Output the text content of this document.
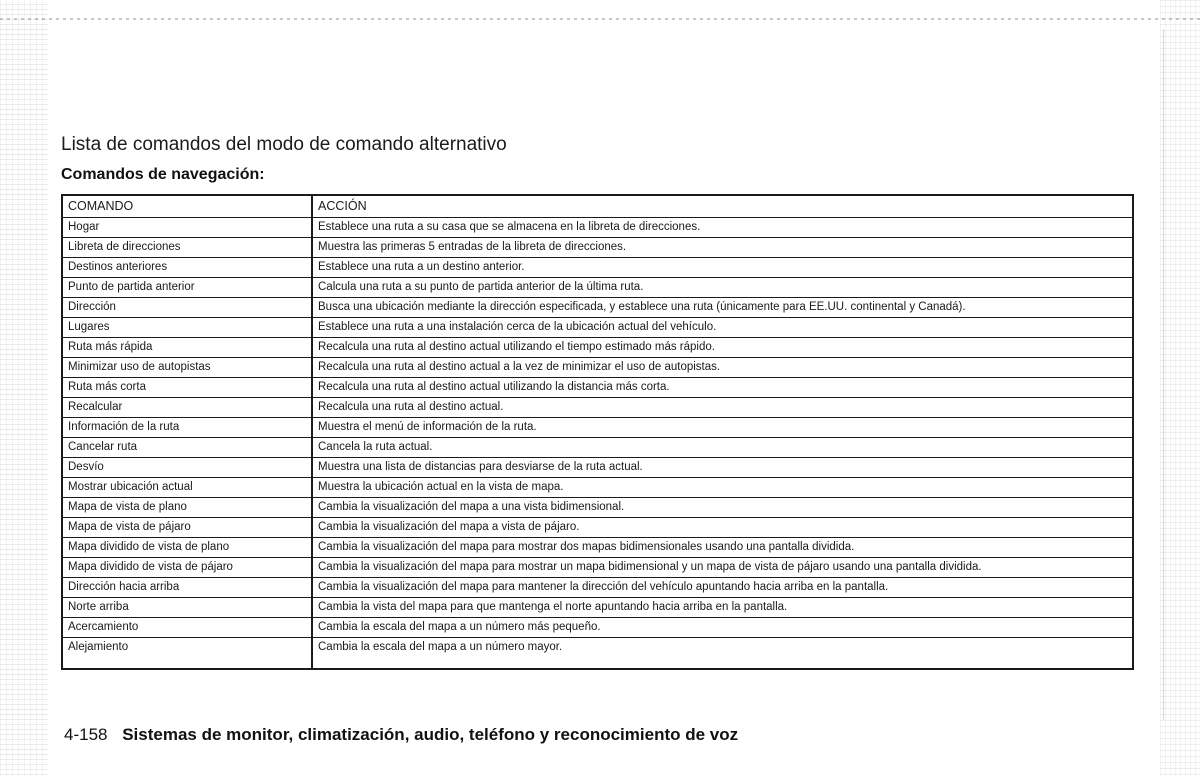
Lista de comandos del modo de comando alternativo
Comandos de navegación:
COMANDO	ACCIÓN
Hogar	Establece una ruta a su casa que se almacena en la libreta de direcciones.
Libreta de direcciones	Muestra las primeras 5 entradas de la libreta de direcciones.
Destinos anteriores	Establece una ruta a un destino anterior.
Punto de partida anterior	Calcula una ruta a su punto de partida anterior de la última ruta.
Dirección	Busca una ubicación mediante la dirección especificada, y establece una ruta (únicamente para EE.UU. continental y Canadá).
Lugares	Establece una ruta a una instalación cerca de la ubicación actual del vehículo.
Ruta más rápida	Recalcula una ruta al destino actual utilizando el tiempo estimado más rápido.
Minimizar uso de autopistas	Recalcula una ruta al destino actual a la vez de minimizar el uso de autopistas.
Ruta más corta	Recalcula una ruta al destino actual utilizando la distancia más corta.
Recalcular	Recalcula una ruta al destino actual.
Información de la ruta	Muestra el menú de información de la ruta.
Cancelar ruta	Cancela la ruta actual.
Desvío	Muestra una lista de distancias para desviarse de la ruta actual.
Mostrar ubicación actual	Muestra la ubicación actual en la vista de mapa.
Mapa de vista de plano	Cambia la visualización del mapa a una vista bidimensional.
Mapa de vista de pájaro	Cambia la visualización del mapa a vista de pájaro.
Mapa dividido de vista de plano	Cambia la visualización del mapa para mostrar dos mapas bidimensionales usando una pantalla dividida.
Mapa dividido de vista de pájaro	Cambia la visualización del mapa para mostrar un mapa bidimensional y un mapa de vista de pájaro usando una pantalla dividida.
Dirección hacia arriba	Cambia la visualización del mapa para mantener la dirección del vehículo apuntando hacia arriba en la pantalla.
Norte arriba	Cambia la vista del mapa para que mantenga el norte apuntando hacia arriba en la pantalla.
Acercamiento	Cambia la escala del mapa a un número más pequeño.
Alejamiento	Cambia la escala del mapa a un número mayor.
4-158 Sistemas de monitor, climatización, audio, teléfono y reconocimiento de voz
